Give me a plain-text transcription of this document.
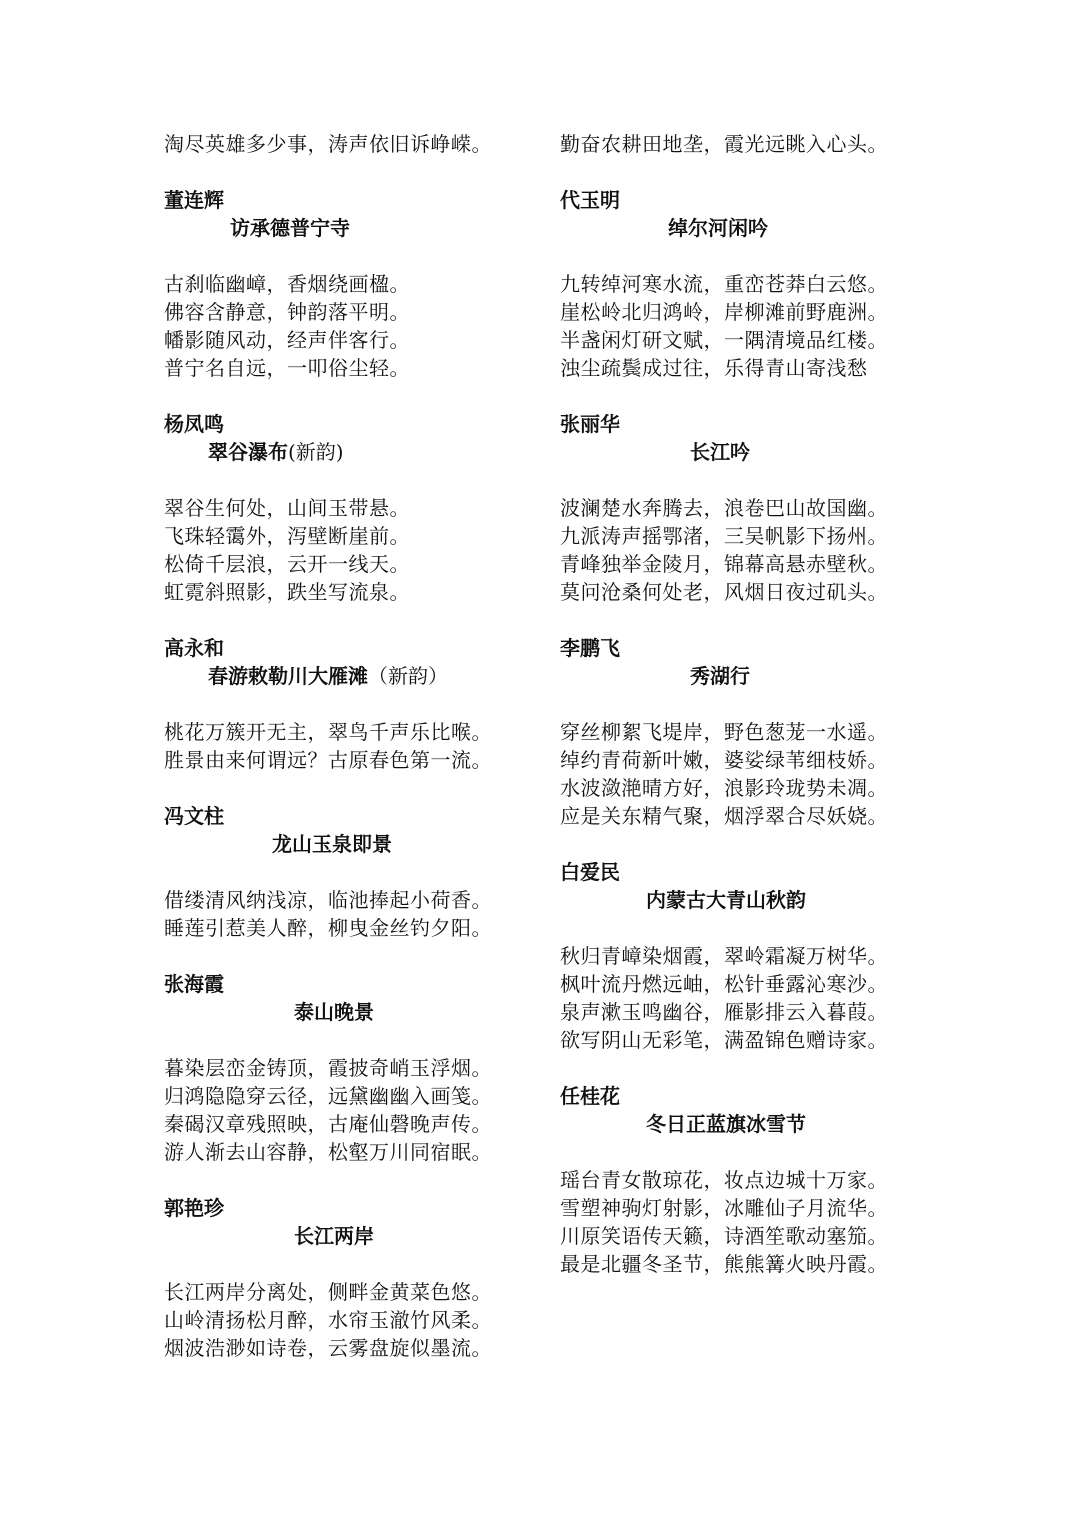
淘尽英雄多少事，涛声依旧诉峥嵘。
董连辉
访承德普宁寺
古刹临幽嶂，香烟绕画楹。
佛容含静意，钟韵落平明。
幡影随风动，经声伴客行。
普宁名自远，一叩俗尘轻。
杨凤鸣
翠谷瀑布(新韵)
翠谷生何处，山间玉带悬。
飞珠轻霭外，泻壁断崖前。
松倚千层浪，云开一线天。
虹霓斜照影，跌坐写流泉。
高永和
春游敕勒川大雁滩（新韵）
桃花万簇开无主，翠鸟千声乐比喉。
胜景由来何谓远？古原春色第一流。
冯文柱
龙山玉泉即景
借缕清风纳浅凉，临池捧起小荷香。
睡莲引惹美人醉，柳曳金丝钓夕阳。
张海霞
泰山晚景
暮染层峦金铸顶，霞披奇峭玉浮烟。
归鸿隐隐穿云径，远黛幽幽入画笺。
秦碣汉章残照映，古庵仙磬晚声传。
游人渐去山容静，松壑万川同宿眠。
郭艳珍
长江两岸
长江两岸分离处，侧畔金黄菜色悠。
山岭清扬松月醉，水帘玉澈竹风柔。
烟波浩渺如诗卷，云雾盘旋似墨流。
勤奋农耕田地垄，霞光远眺入心头。
代玉明
绰尔河闲吟
九转绰河寒水流，重峦苍莽白云悠。
崖松岭北归鸿岭，岸柳滩前野鹿洲。
半盏闲灯研文赋，一隅清境品红楼。
浊尘疏鬓成过往，乐得青山寄浅愁
张丽华
长江吟
波澜楚水奔腾去，浪卷巴山故国幽。
九派涛声摇鄂渚，三吴帆影下扬州。
青峰独举金陵月，锦幕高悬赤壁秋。
莫问沧桑何处老，风烟日夜过矶头。
李鹏飞
秀湖行
穿丝柳絮飞堤岸，野色葱茏一水遥。
绰约青荷新叶嫩，婆娑绿苇细枝娇。
水波潋滟晴方好，浪影玲珑势未凋。
应是关东精气聚，烟浮翠合尽妖娆。
白爱民
内蒙古大青山秋韵
秋归青嶂染烟霞，翠岭霜凝万树华。
枫叶流丹燃远岫，松针垂露沁寒沙。
泉声漱玉鸣幽谷，雁影排云入暮葭。
欲写阴山无彩笔，满盈锦色赠诗家。
任桂花
冬日正蓝旗冰雪节
瑶台青女散琼花，妆点边城十万家。
雪塑神驹灯射影，冰雕仙子月流华。
川原笑语传天籁，诗酒笙歌动塞笳。
最是北疆冬圣节，熊熊篝火映丹霞。
